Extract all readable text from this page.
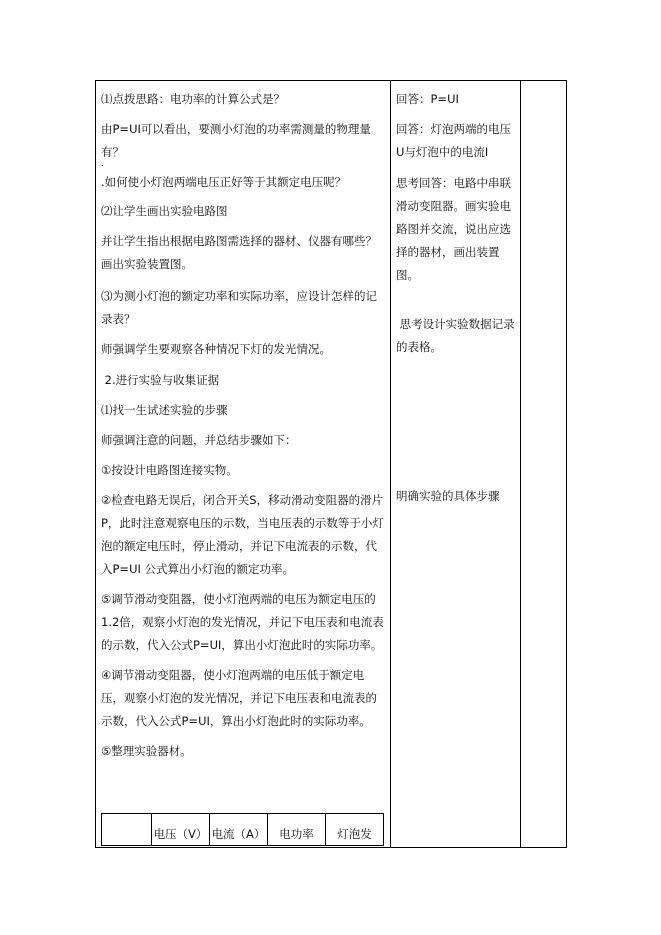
⑴点拨思路：电功率的计算公式是？

由P=UI可以看出，要测小灯泡的功率需测量的物理量有？

.

.如何使小灯泡两端电压正好等于其额定电压呢？

⑵让学生画出实验电路图

并让学生指出根据电路图需选择的器材、仪器有哪些？画出实验装置图。

⑶为测小灯泡的额定功率和实际功率，应设计怎样的记录表？

师强调学生要观察各种情况下灯的发光情况。

2.进行实验与收集证据

⑴找一生试述实验的步骤

师强调注意的问题，并总结步骤如下：

①按设计电路图连接实物。

②检查电路无误后，闭合开关S，移动滑动变阻器的滑片P，此时注意观察电压的示数，当电压表的示数等于小灯泡的额定电压时，停止滑动，并记下电流表的示数，代入P=UI 公式算出小灯泡的额定功率。

⑤调节滑动变阻器，使小灯泡两端的电压为额定电压的1.2倍，观察小灯泡的发光情况，并记下电压表和电流表的示数，代入公式P=UI，算出小灯泡此时的实际功率。

④调节滑动变阻器，使小灯泡两端的电压低于额定电压，观察小灯泡的发光情况，并记下电压表和电流表的示数，代入公式P=UI，算出小灯泡此时的实际功率。

⑤整理实验器材。

回答：P=UI

回答：灯泡两端的电压U与灯泡中的电流I

思考回答：电路中串联滑动变阻器。画实验电路图并交流，说出应选择的器材，画出装置图。

思考设计实验数据记录的表格。

明确实验的具体步骤

电压（V） 电流（A）	电功率	灯泡发
